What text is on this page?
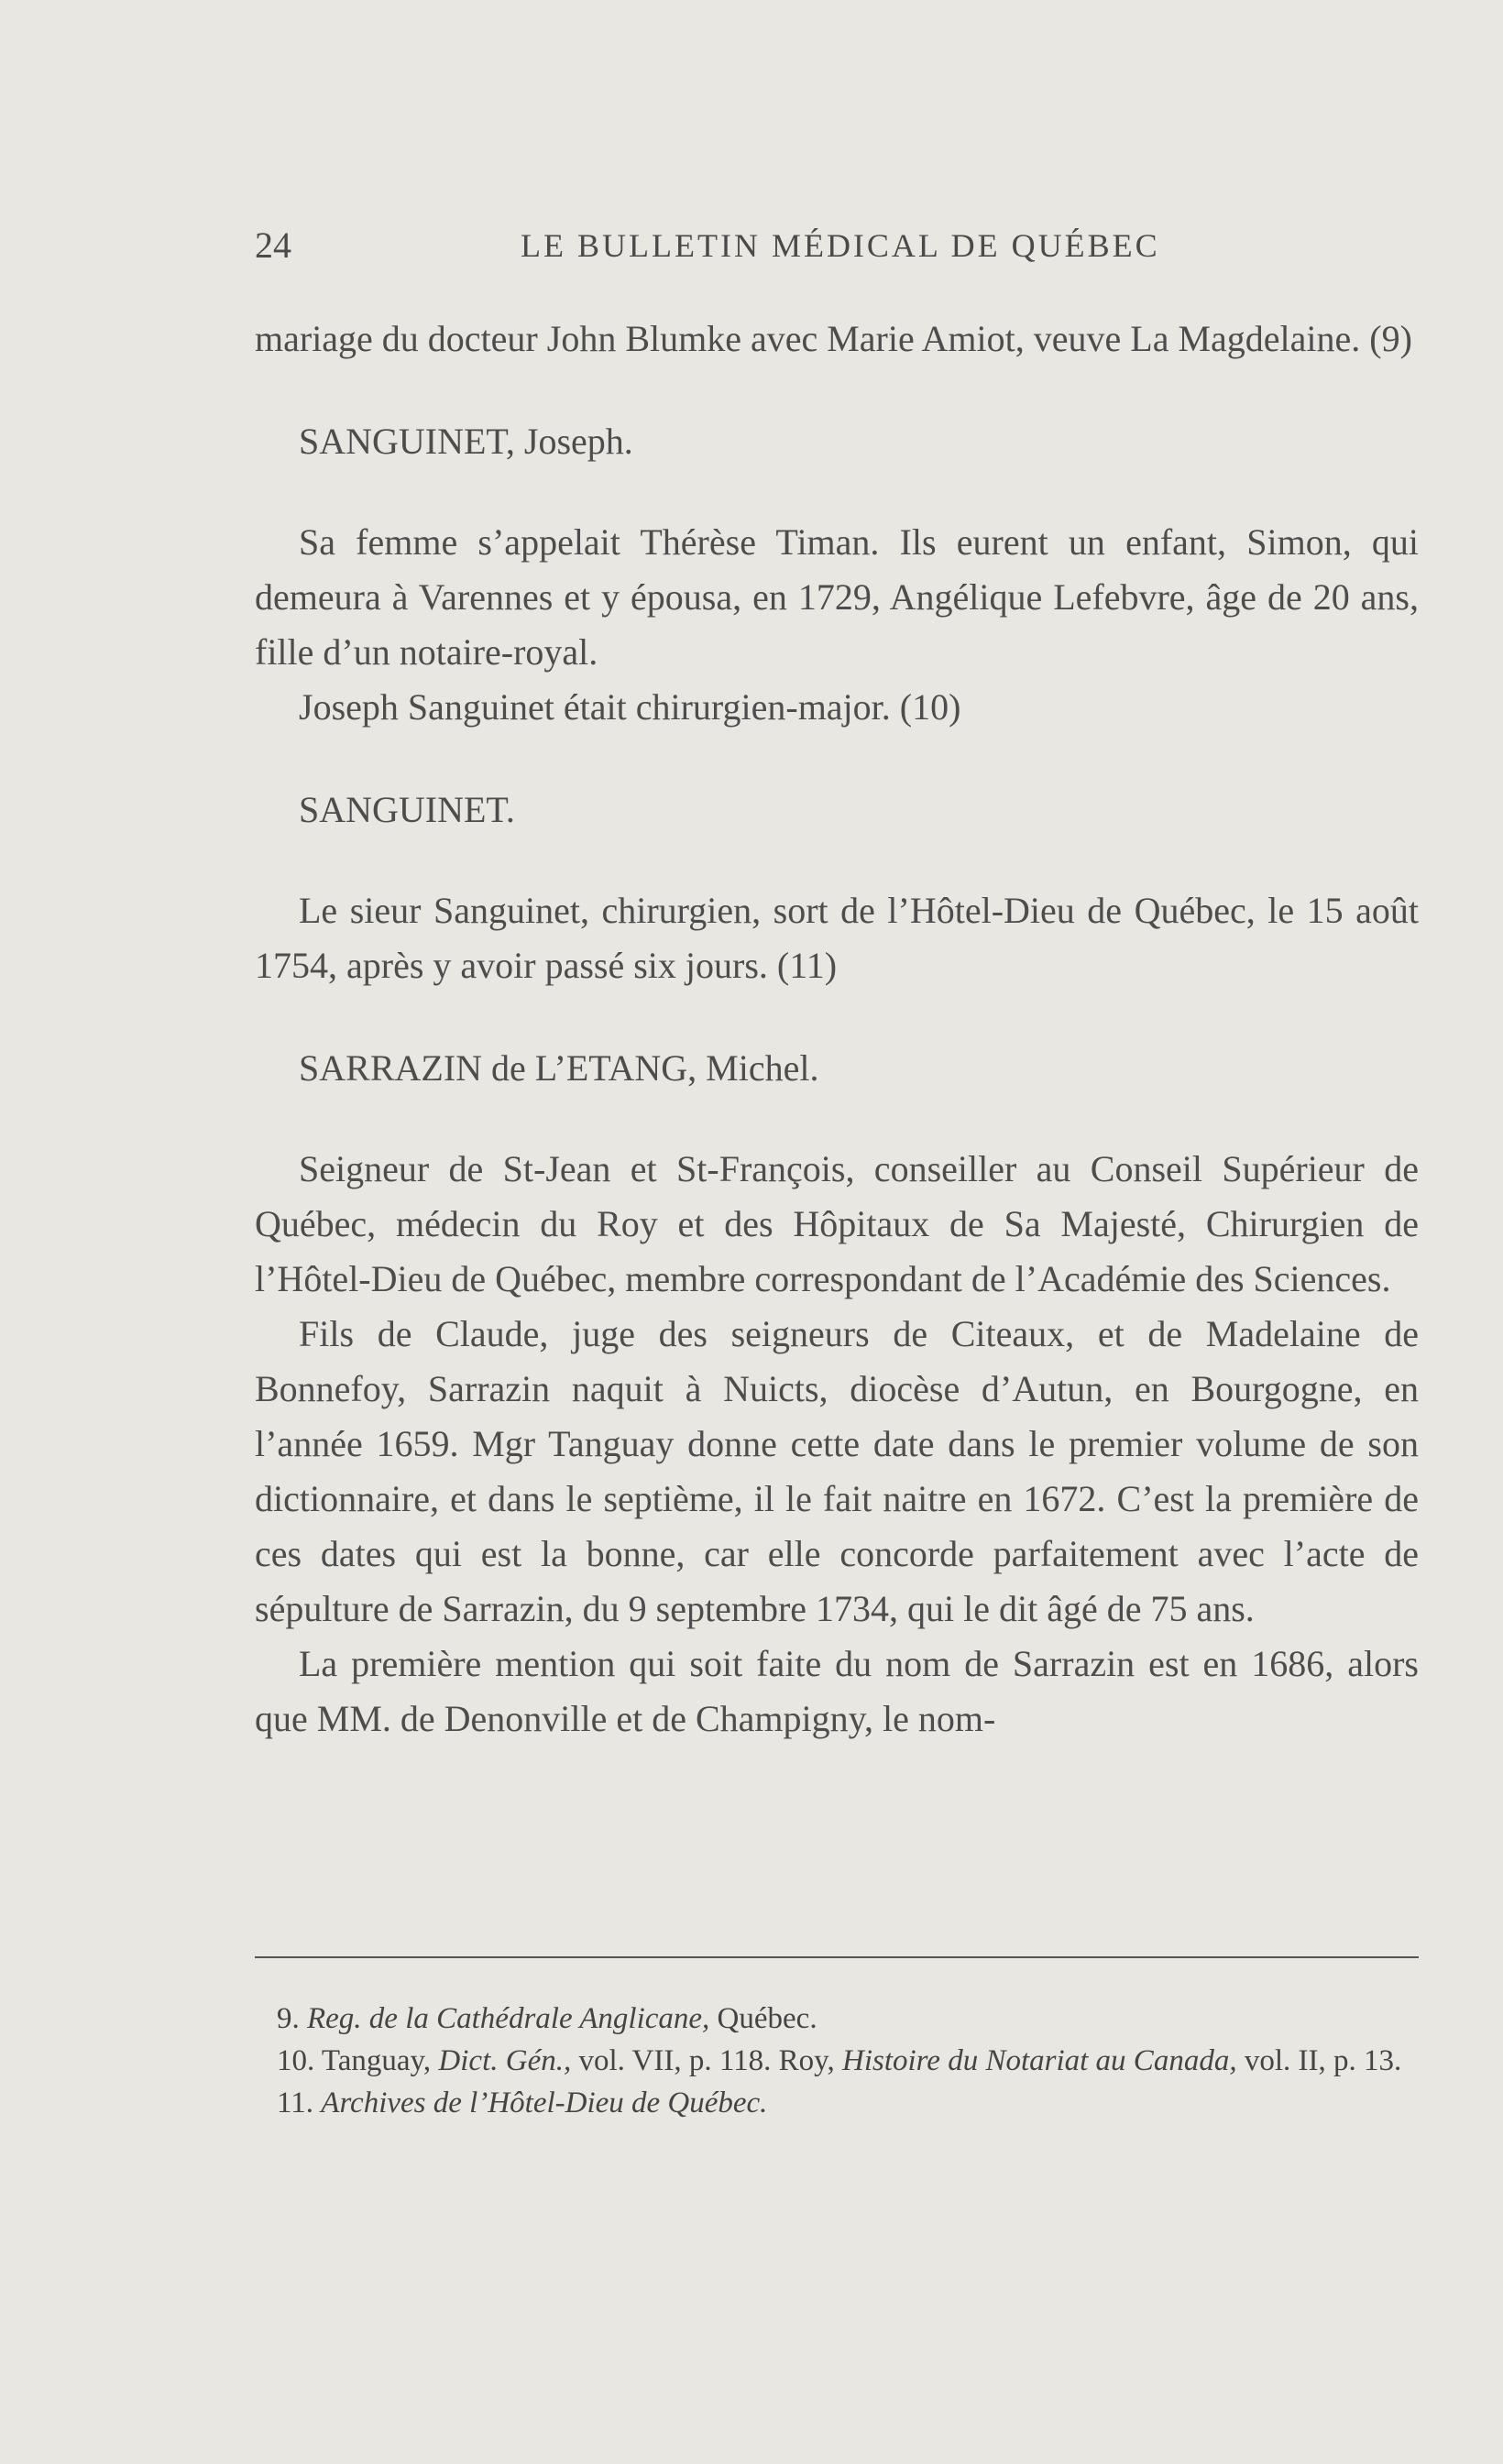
24	LE BULLETIN MÉDICAL DE QUÉBEC

mariage du docteur John Blumke avec Marie Amiot, veuve La Magdelaine. (9)

SANGUINET, Joseph.

Sa femme s’appelait Thérèse Timan. Ils eurent un enfant, Simon, qui demeura à Varennes et y épousa, en 1729, Angélique Lefebvre, âge de 20 ans, fille d’un notaire-royal.

Joseph Sanguinet était chirurgien-major. (10)

SANGUINET.

Le sieur Sanguinet, chirurgien, sort de l’Hôtel-Dieu de Québec, le 15 août 1754, après y avoir passé six jours. (11)

SARRAZIN de L’ETANG, Michel.

Seigneur de St-Jean et St-François, conseiller au Conseil Supérieur de Québec, médecin du Roy et des Hôpitaux de Sa Majesté, Chirurgien de l’Hôtel-Dieu de Québec, membre correspondant de l’Académie des Sciences.

Fils de Claude, juge des seigneurs de Citeaux, et de Madelaine de Bonnefoy, Sarrazin naquit à Nuicts, diocèse d’Autun, en Bourgogne, en l’année 1659. Mgr Tanguay donne cette date dans le premier volume de son dictionnaire, et dans le septième, il le fait naitre en 1672. C’est la première de ces dates qui est la bonne, car elle concorde parfaitement avec l’acte de sépulture de Sarrazin, du 9 septembre 1734, qui le dit âgé de 75 ans.

La première mention qui soit faite du nom de Sarrazin est en 1686, alors que MM. de Denonville et de Champigny, le nom-

9. Reg. de la Cathédrale Anglicane, Québec.

10. Tanguay, Dict. Gén., vol. VII, p. 118. Roy, Histoire du Notariat au Canada, vol. II, p. 13.

11. Archives de l’Hôtel-Dieu de Québec.
